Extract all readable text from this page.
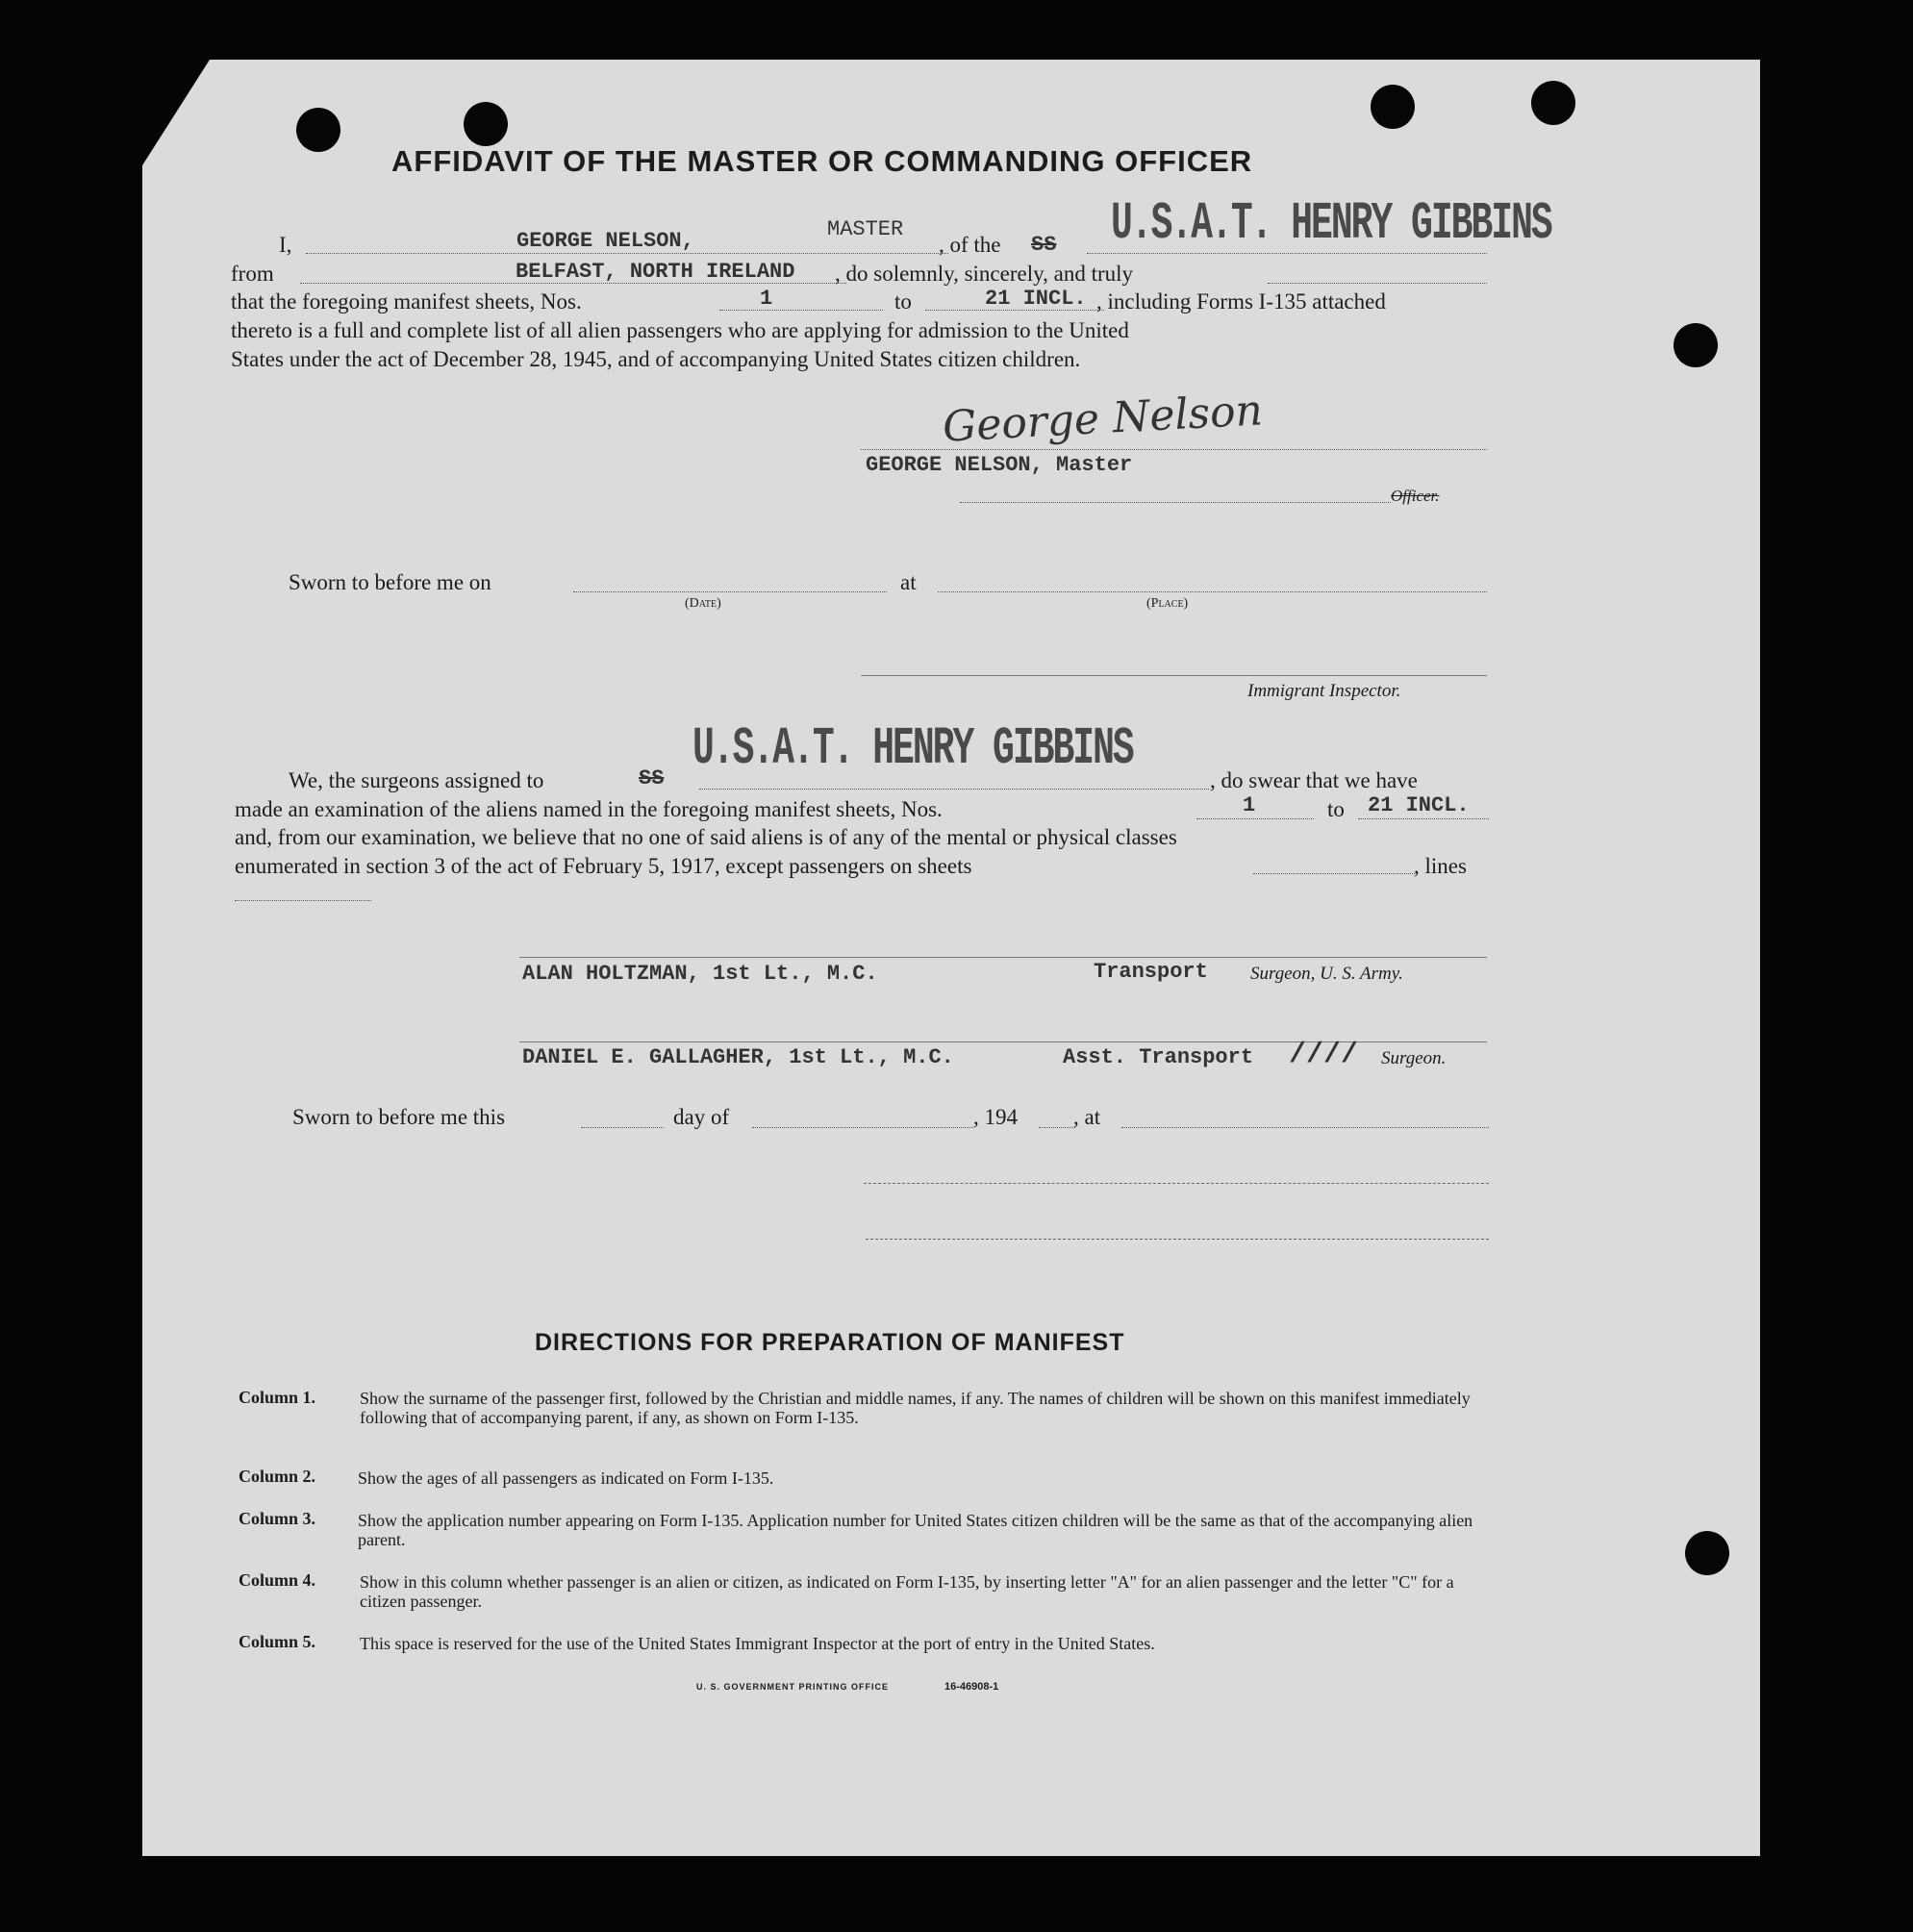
AFFIDAVIT OF THE MASTER OR COMMANDING OFFICER
I,	GEORGE NELSON,	MASTER
, of the SS U.S.A.T. HENRY GIBBINS
from	BELFAST, NORTH IRELAND , do solemnly, sincerely, and truly
that the foregoing manifest sheets, Nos.	1	to	21 INCL. , including Forms I-135 attached
thereto is a full and complete list of all alien passengers who are applying for admission to the United
States under the act of December 28, 1945, and of accompanying United States citizen children.
George Nelson
GEORGE NELSON, Master
Officer.
Sworn to before me on
(Date)
at
(Place)
Immigrant Inspector.
U.S.A.T. HENRY GIBBINS
We, the surgeons assigned to	SS	, do swear that we have
made an examination of the aliens named in the foregoing manifest sheets, Nos.	1	to 21 INCL.
and, from our examination, we believe that no one of said aliens is of any of the mental or physical classes
enumerated in section 3 of the act of February 5, 1917, except passengers on sheets	, lines
ALAN HOLTZMAN, 1st Lt., M.C.	Transport Surgeon, U. S. Army.
DANIEL E. GALLAGHER, 1st Lt., M.C.	Asst. Transport //// Surgeon.
Sworn to before me this	day of	, 194	, at
DIRECTIONS FOR PREPARATION OF MANIFEST
Column 1.	Show the surname of the passenger first, followed by the Christian and middle names, if any. The names of children will be shown on this manifest immediately following that of accompanying parent, if any, as shown on Form I-135.
Column 2. Show the ages of all passengers as indicated on Form I-135.
Column 3. Show the application number appearing on Form I-135. Application number for United States citizen children will be the same as that of the accompanying alien parent.
Column 4.	Show in this column whether passenger is an alien or citizen, as indicated on Form I-135, by inserting letter "A" for an alien passenger and the letter "C" for a citizen passenger.
Column 5.	This space is reserved for the use of the United States Immigrant Inspector at the port of entry in the United States.
U. S. GOVERNMENT PRINTING OFFICE	16-46908-1
